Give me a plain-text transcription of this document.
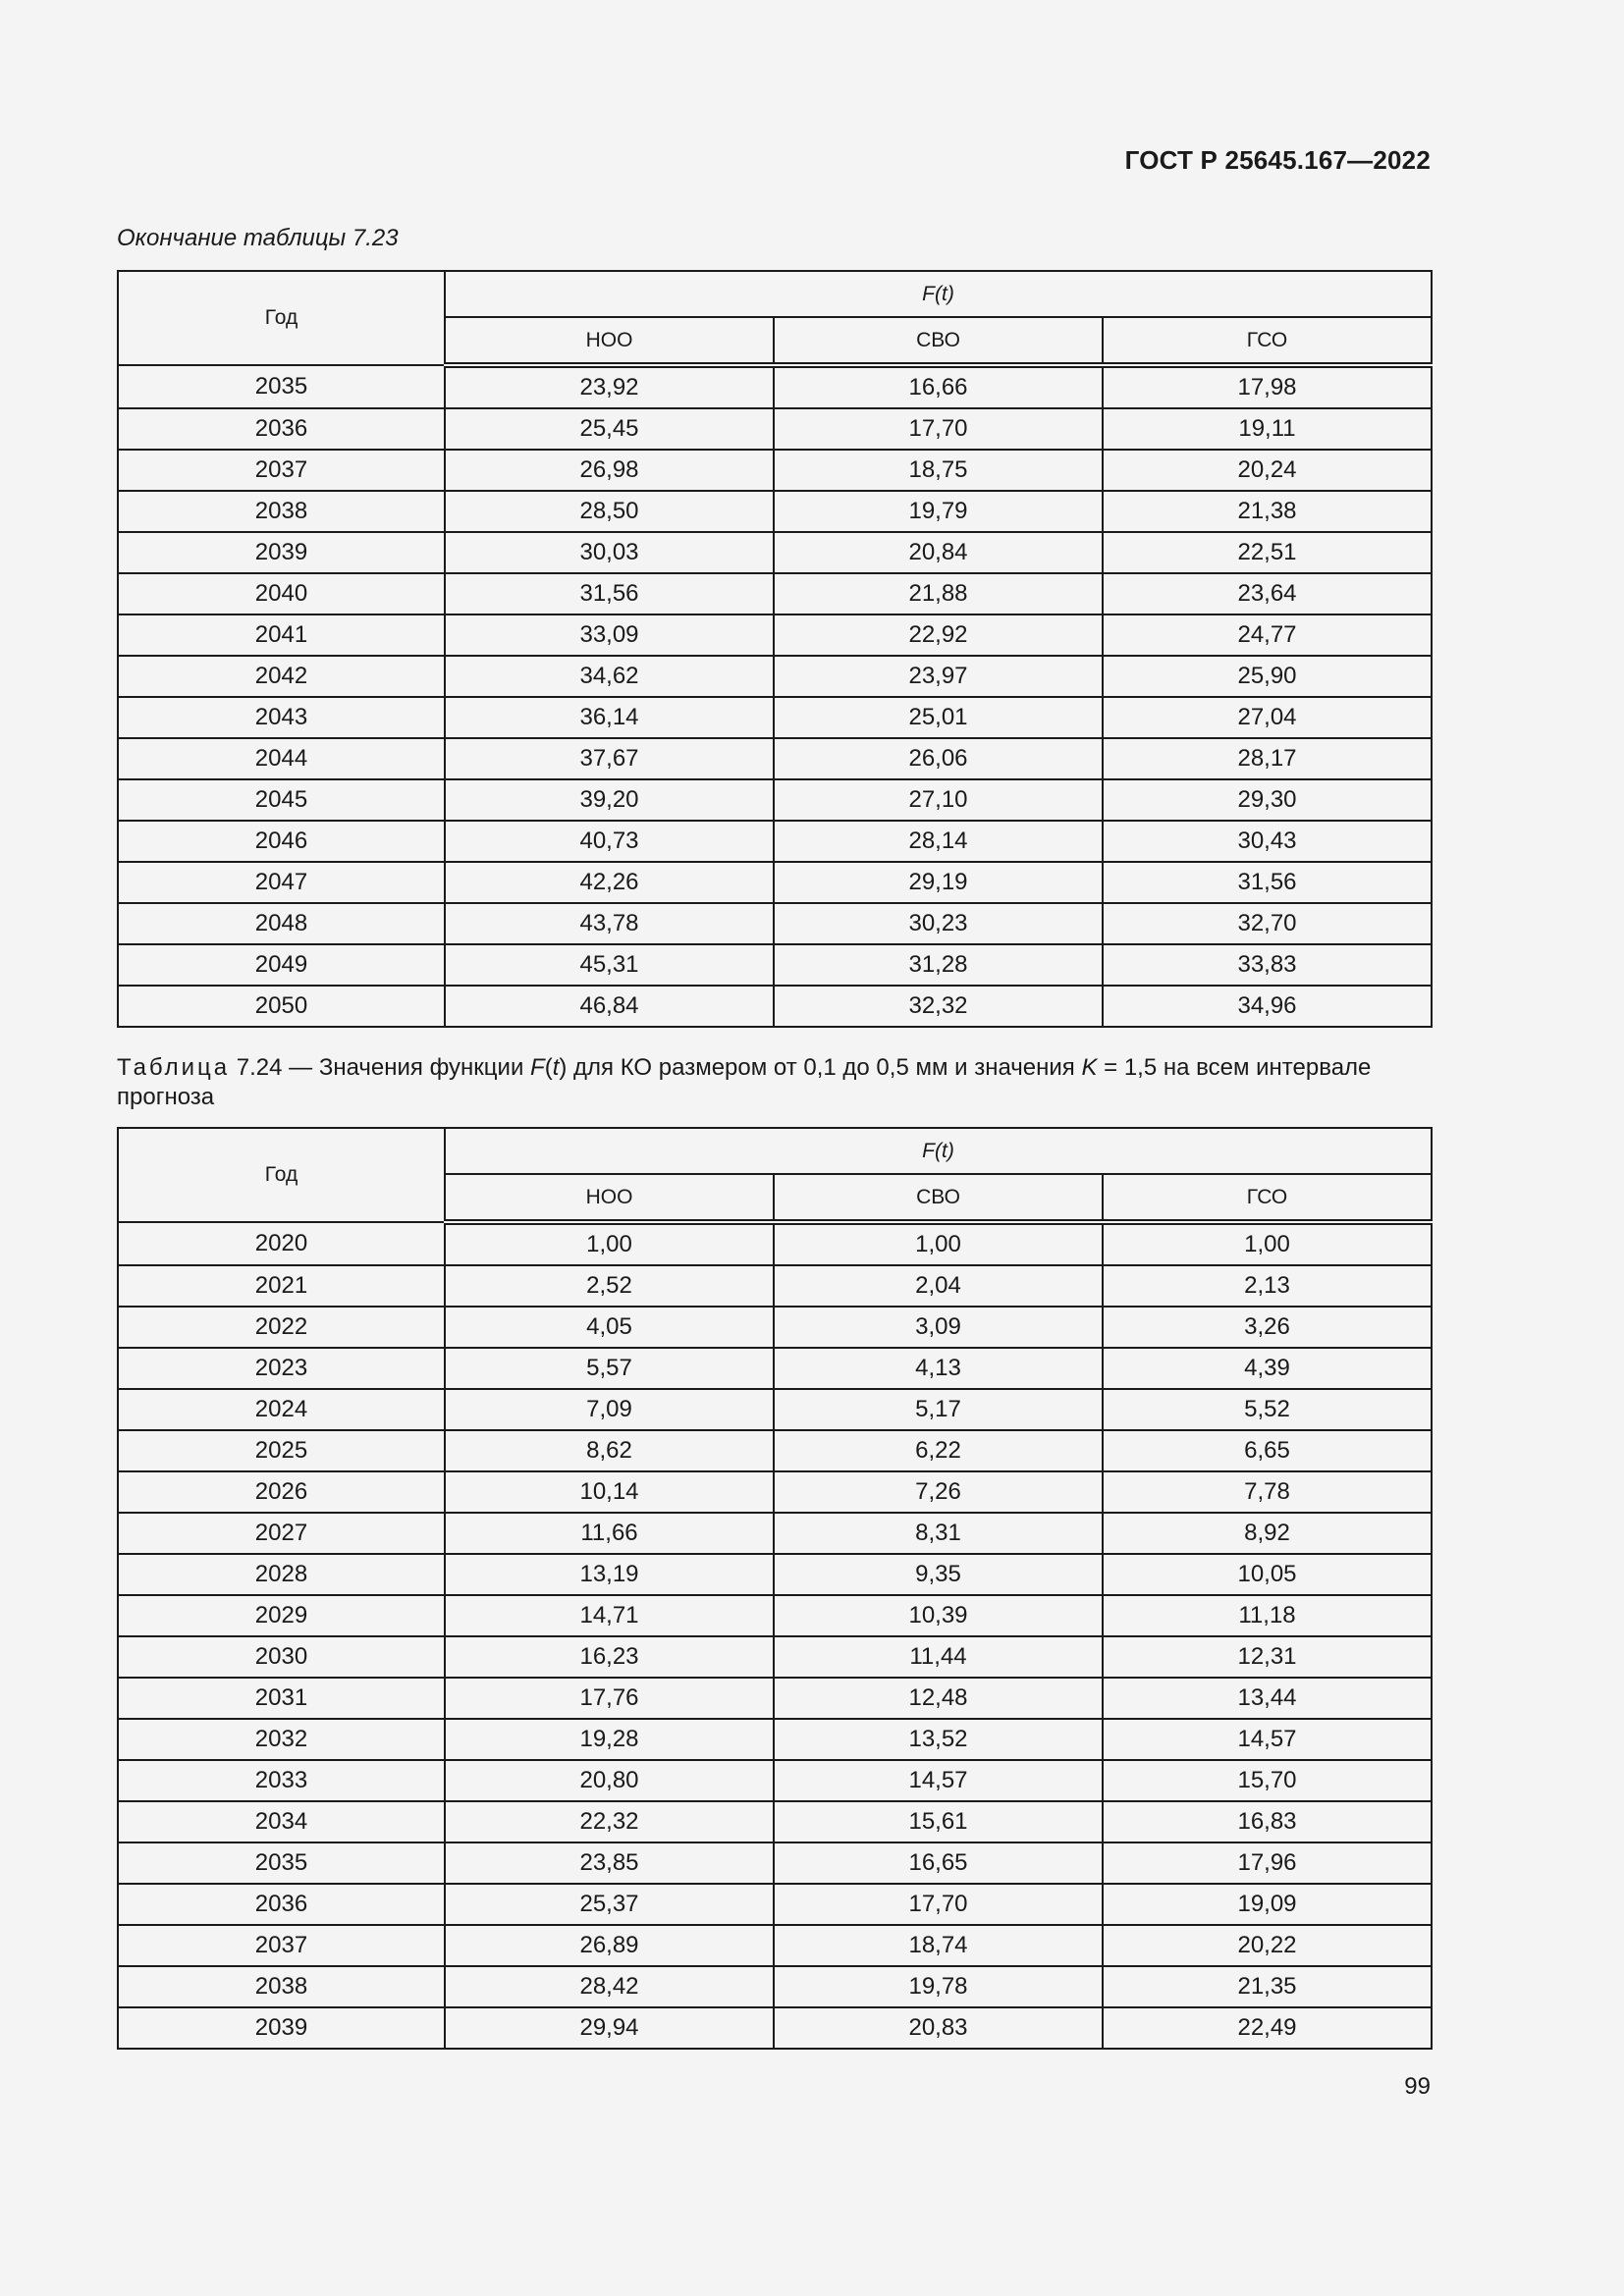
ГОСТ Р 25645.167—2022
Окончание таблицы 7.23
Год	F(t)		
	НОО	СВО	ГСО
2035	23,92	16,66	17,98
2036	25,45	17,70	19,11
2037	26,98	18,75	20,24
2038	28,50	19,79	21,38
2039	30,03	20,84	22,51
2040	31,56	21,88	23,64
2041	33,09	22,92	24,77
2042	34,62	23,97	25,90
2043	36,14	25,01	27,04
2044	37,67	26,06	28,17
2045	39,20	27,10	29,30
2046	40,73	28,14	30,43
2047	42,26	29,19	31,56
2048	43,78	30,23	32,70
2049	45,31	31,28	33,83
2050	46,84	32,32	34,96
Таблица 7.24 — Значения функции F(t) для КО размером от 0,1 до 0,5 мм и значения K = 1,5 на всем интервале прогноза
Год	F(t)		
	НОО	СВО	ГСО
2020	1,00	1,00	1,00
2021	2,52	2,04	2,13
2022	4,05	3,09	3,26
2023	5,57	4,13	4,39
2024	7,09	5,17	5,52
2025	8,62	6,22	6,65
2026	10,14	7,26	7,78
2027	11,66	8,31	8,92
2028	13,19	9,35	10,05
2029	14,71	10,39	11,18
2030	16,23	11,44	12,31
2031	17,76	12,48	13,44
2032	19,28	13,52	14,57
2033	20,80	14,57	15,70
2034	22,32	15,61	16,83
2035	23,85	16,65	17,96
2036	25,37	17,70	19,09
2037	26,89	18,74	20,22
2038	28,42	19,78	21,35
2039	29,94	20,83	22,49
99
